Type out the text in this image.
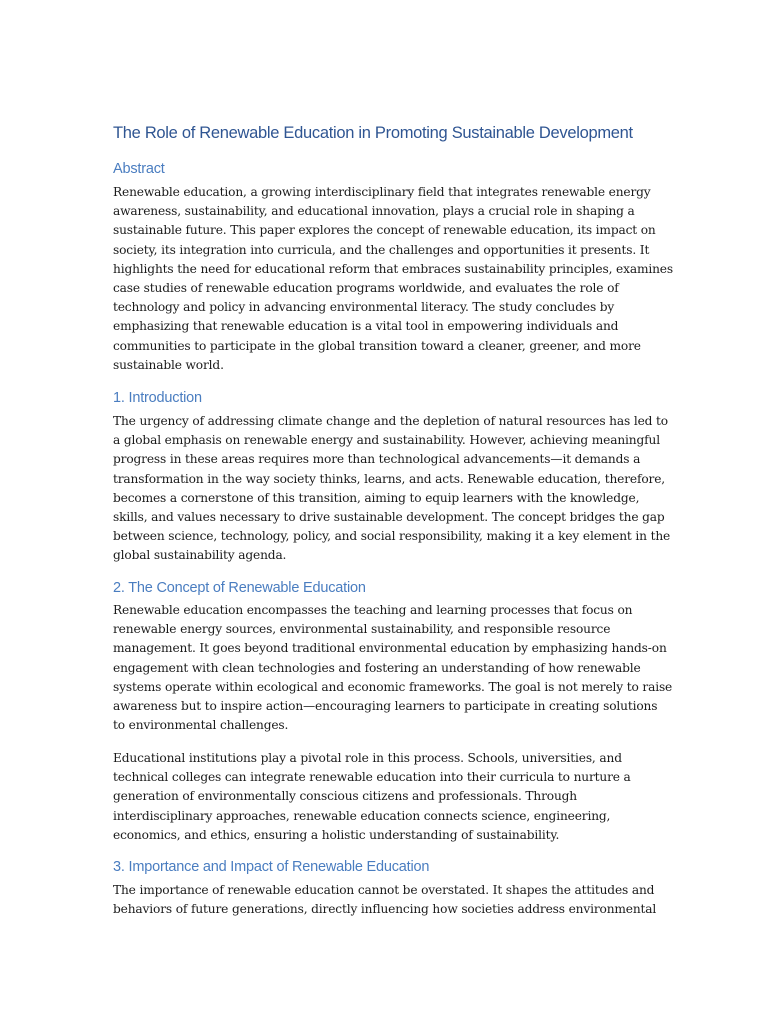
The Role of Renewable Education in Promoting Sustainable Development
Abstract

Renewable education, a growing interdisciplinary field that integrates renewable energy
awareness, sustainability, and educational innovation, plays a crucial role in shaping a
sustainable future. This paper explores the concept of renewable education, its impact on
society, its integration into curricula, and the challenges and opportunities it presents. It
highlights the need for educational reform that embraces sustainability principles, examines
case studies of renewable education programs worldwide, and evaluates the role of
technology and policy in advancing environmental literacy. The study concludes by
emphasizing that renewable education is a vital tool in empowering individuals and
communities to participate in the global transition toward a cleaner, greener, and more
sustainable world.

1. Introduction

The urgency of addressing climate change and the depletion of natural resources has led to
a global emphasis on renewable energy and sustainability. However, achieving meaningful
progress in these areas requires more than technological advancements—it demands a
transformation in the way society thinks, learns, and acts. Renewable education, therefore,
becomes a cornerstone of this transition, aiming to equip learners with the knowledge,
skills, and values necessary to drive sustainable development. The concept bridges the gap
between science, technology, policy, and social responsibility, making it a key element in the
global sustainability agenda.

2. The Concept of Renewable Education

Renewable education encompasses the teaching and learning processes that focus on
renewable energy sources, environmental sustainability, and responsible resource
management. It goes beyond traditional environmental education by emphasizing hands-on
engagement with clean technologies and fostering an understanding of how renewable
systems operate within ecological and economic frameworks. The goal is not merely to raise
awareness but to inspire action—encouraging learners to participate in creating solutions
to environmental challenges.

Educational institutions play a pivotal role in this process. Schools, universities, and
technical colleges can integrate renewable education into their curricula to nurture a
generation of environmentally conscious citizens and professionals. Through
interdisciplinary approaches, renewable education connects science, engineering,
economics, and ethics, ensuring a holistic understanding of sustainability.

3. Importance and Impact of Renewable Education

The importance of renewable education cannot be overstated. It shapes the attitudes and
behaviors of future generations, directly influencing how societies address environmental
